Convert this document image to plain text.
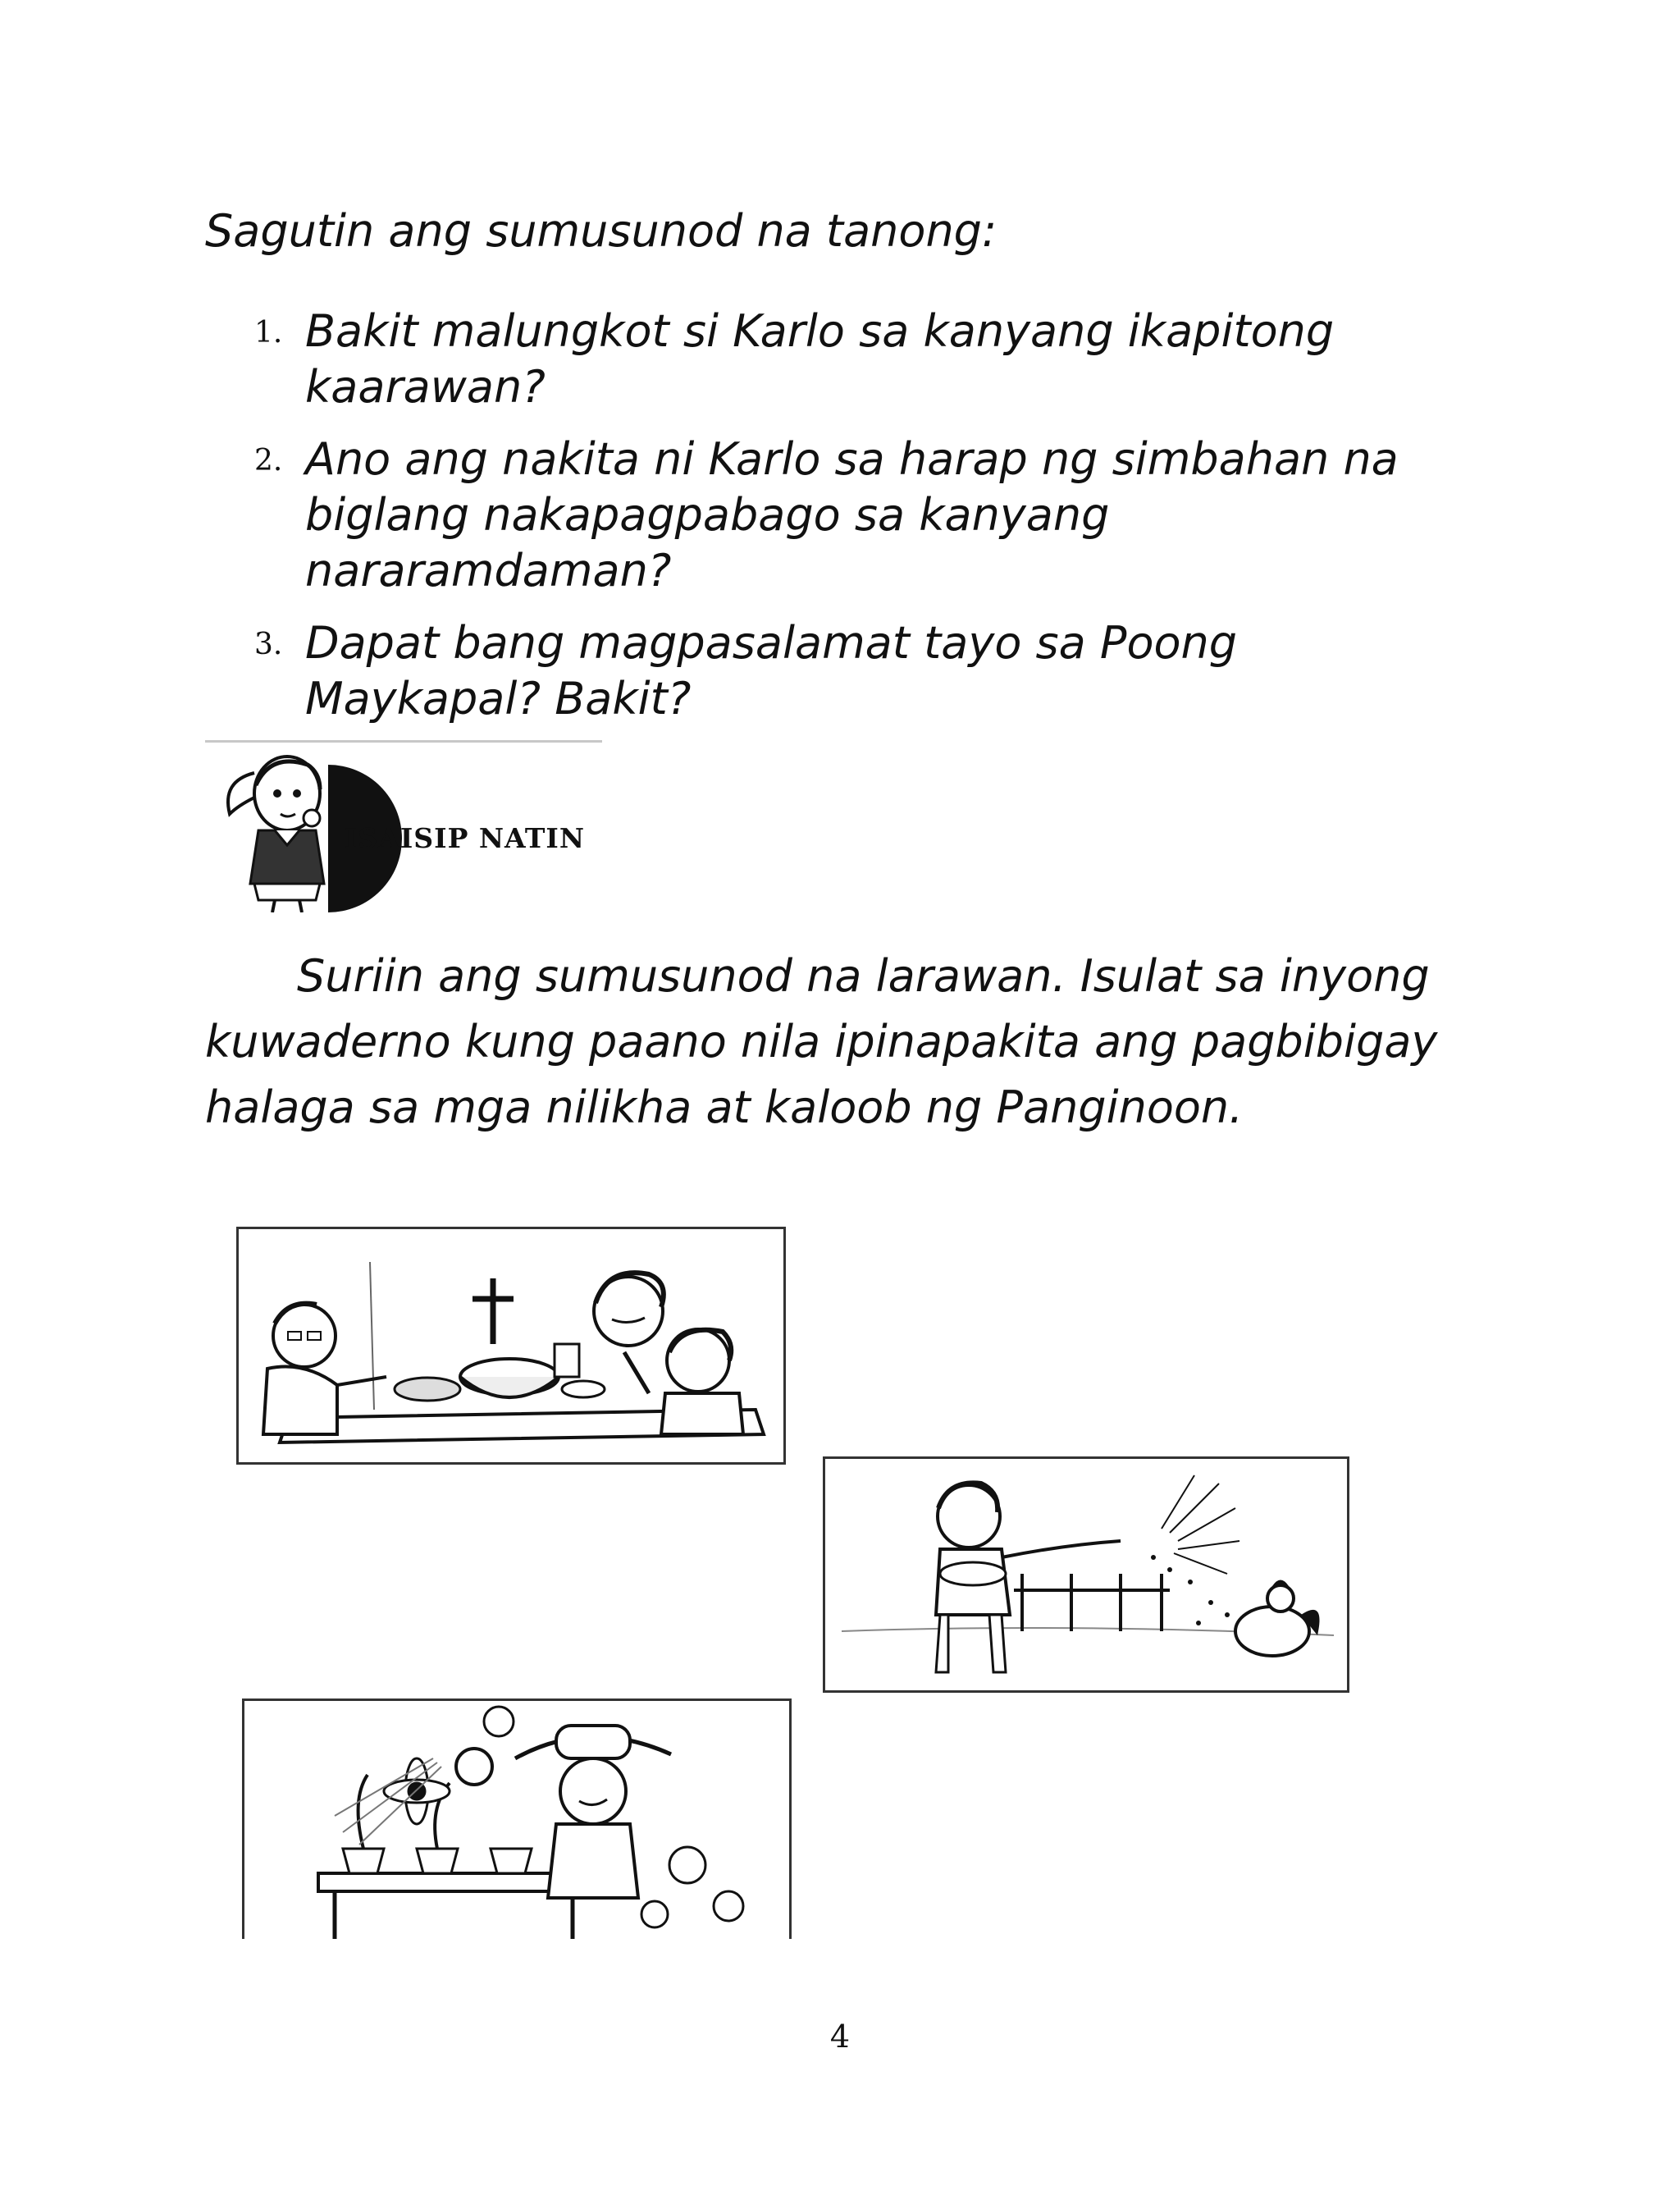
Sagutin ang sumusunod na tanong:

1. Bakit malungkot si Karlo sa kanyang ikapitong kaarawan?
2. Ano ang nakita ni Karlo sa harap ng simbahan na biglang nakapagpabago sa kanyang nararamdaman?
3. Dapat bang magpasalamat tayo sa Poong Maykapal? Bakit?
ISAISIP NATIN

Suriin ang sumusunod na larawan. Isulat sa inyong kuwaderno kung paano nila ipinapakita ang pagbibigay halaga sa mga nilikha at kaloob ng Panginoon.

4
